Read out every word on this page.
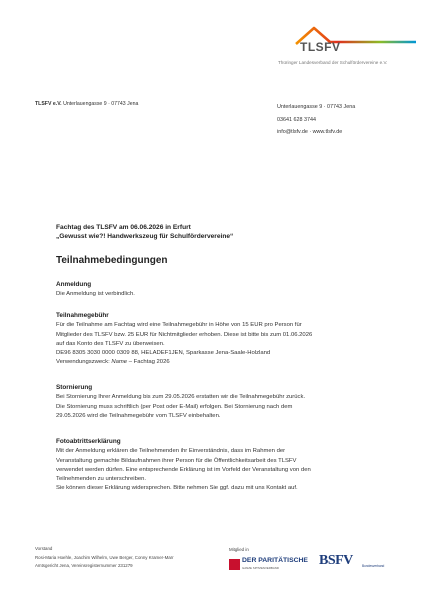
TLSFV
Thüringer Landesverband der Schulfördervereine e.V.
TLSFV e.V. Unterlauengasse 9 · 07743 Jena	Unterlauengasse 9 · 07743 Jena
03641 628 3744
info@tlsfv.de · www.tlsfv.de
Fachtag des TLSFV am 06.06.2026 in Erfurt
„Gewusst wie?! Handwerkszeug für Schulfördervereine“
Teilnahmebedingungen
Anmeldung

Die Anmeldung ist verbindlich.

Teilnahmegebühr

Für die Teilnahme am Fachtag wird eine Teilnahmegebühr in Höhe von 15 EUR pro Person für

Mitglieder des TLSFV bzw. 25 EUR für Nichtmitglieder erhoben. Diese ist bitte bis zum 01.06.2026

auf das Konto des TLSFV zu überweisen.

DE96 8305 3030 0000 0309 88, HELADEF1JEN, Sparkasse Jena-Saale-Holzland

Verwendungszweck: Name – Fachtag 2026

Stornierung

Bei Stornierung Ihrer Anmeldung bis zum 29.05.2026 erstatten wir die Teilnahmegebühr zurück.

Die Stornierung muss schriftlich (per Post oder E-Mail) erfolgen. Bei Stornierung nach dem

29.05.2026 wird die Teilnahmegebühr vom TLSFV einbehalten.

Fotoabtrittserklärung

Mit der Anmeldung erklären die Teilnehmenden ihr Einverständnis, dass im Rahmen der

Veranstaltung gemachte Bildaufnahmen ihrer Person für die Öffentlichkeitsarbeit des TLSFV

verwendet werden dürfen. Eine entsprechende Erklärung ist im Vorfeld der Veranstaltung von den

Teilnehmenden zu unterschreiben.

Sie können dieser Erklärung widersprechen. Bitte nehmen Sie ggf. dazu mit uns Kontakt auf.

Vorstand
Rosi-Maria Hoehle, Joachim Wilhelm, Uwe Berger, Conny Kramer-Marr
Amtsgericht Jena, Vereinsregisternummer 231279
Mitglied in
DER PARITÄTISCHE
GANZE SPITZENVERBAND	BSFV	Bundesverband
